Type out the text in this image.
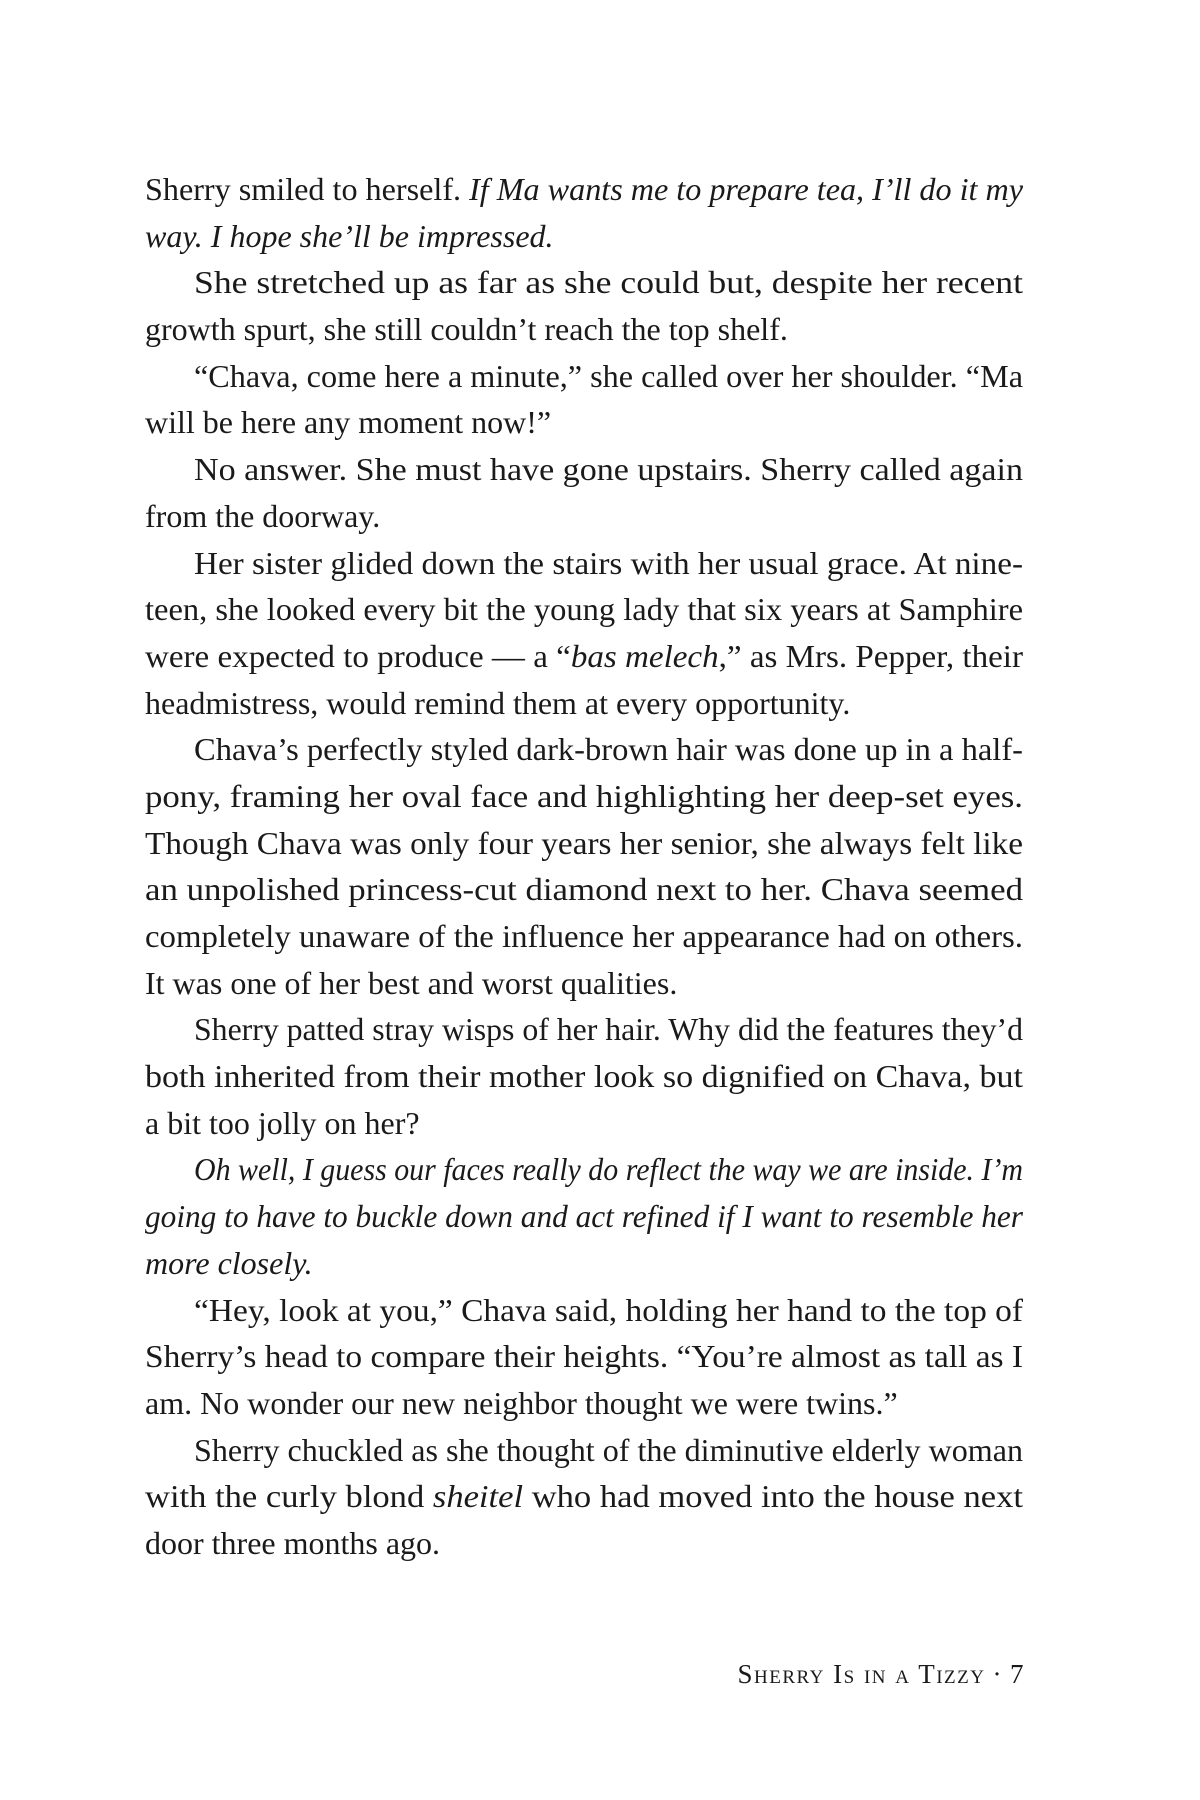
Sherry smiled to herself. If Ma wants me to prepare tea, I’ll do it my
way. I hope she’ll be impressed.
She stretched up as far as she could but, despite her recent
growth spurt, she still couldn’t reach the top shelf.
“Chava, come here a minute,” she called over her shoulder. “Ma
will be here any moment now!”
No answer. She must have gone upstairs. Sherry called again
from the doorway.
Her sister glided down the stairs with her usual grace. At nine-
teen, she looked every bit the young lady that six years at Samphire
were expected to produce — a “bas melech,” as Mrs. Pepper, their
headmistress, would remind them at every opportunity.
Chava’s perfectly styled dark-brown hair was done up in a half-
pony, framing her oval face and highlighting her deep-set eyes.
Though Chava was only four years her senior, she always felt like
an unpolished princess-cut diamond next to her. Chava seemed
completely unaware of the influence her appearance had on others.
It was one of her best and worst qualities.
Sherry patted stray wisps of her hair. Why did the features they’d
both inherited from their mother look so dignified on Chava, but
a bit too jolly on her?
Oh well, I guess our faces really do reflect the way we are inside. I’m
going to have to buckle down and act refined if I want to resemble her
more closely.
“Hey, look at you,” Chava said, holding her hand to the top of
Sherry’s head to compare their heights. “You’re almost as tall as I
am. No wonder our new neighbor thought we were twins.”
Sherry chuckled as she thought of the diminutive elderly woman
with the curly blond sheitel who had moved into the house next
door three months ago.
Sherry Is in a Tizzy · 7
